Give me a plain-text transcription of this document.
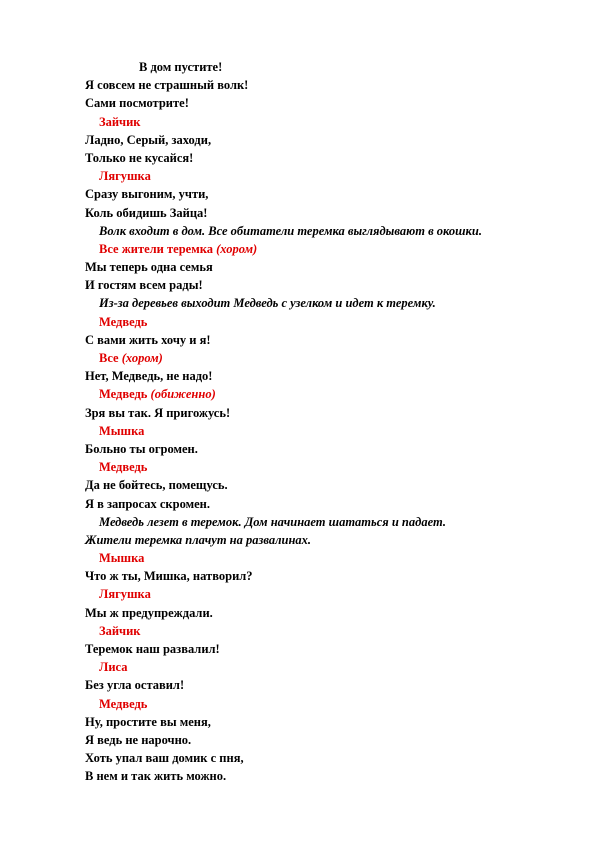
В дом пустите!
Я совсем не страшный волк!
Сами посмотрите!
Зайчик
Ладно, Серый, заходи,
Только не кусайся!
Лягушка
Сразу выгоним, учти,
Коль обидишь Зайца!
Волк входит в дом. Все обитатели теремка выглядывают в окошки.
Все жители теремка (хором)
Мы теперь одна семья
И гостям всем рады!
Из-за деревьев выходит Медведь с узелком и идет к теремку.
Медведь
С вами жить хочу и я!
Все (хором)
Нет, Медведь, не надо!
Медведь (обиженно)
Зря вы так. Я пригожусь!
Мышка
Больно ты огромен.
Медведь
Да не бойтесь, помещусь.
Я в запросах скромен.
Медведь лезет в теремок. Дом начинает шататься и падает.
Жители теремка плачут на развалинах.
Мышка
Что ж ты, Мишка, натворил?
Лягушка
Мы ж предупреждали.
Зайчик
Теремок наш развалил!
Лиса
Без угла оставил!
Медведь
Ну, простите вы меня,
Я ведь не нарочно.
Хоть упал ваш домик с пня,
В нем и так жить можно.
